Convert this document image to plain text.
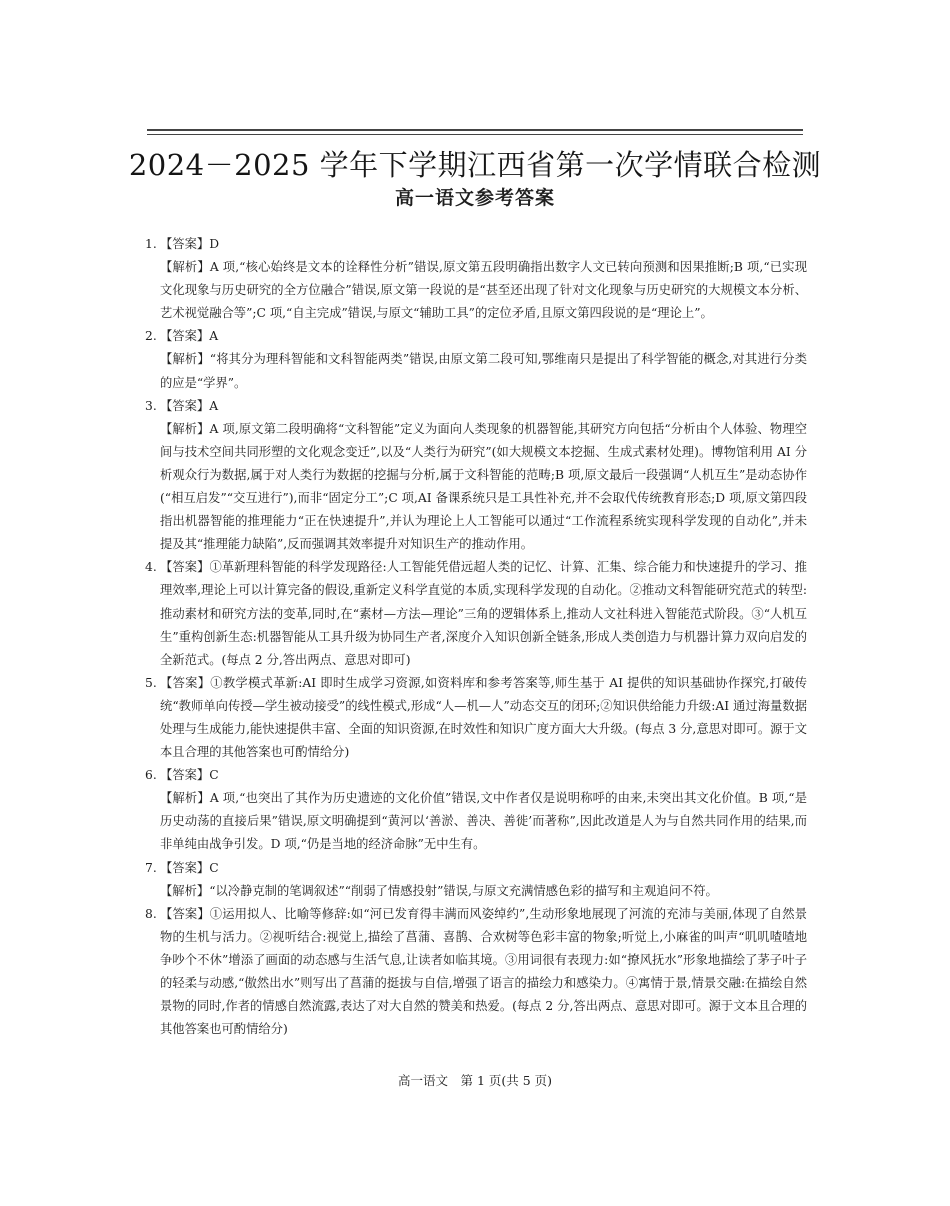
2024－2025 学年下学期江西省第一次学情联合检测
高一语文参考答案
1. 【答案】D
【解析】A 项,“核心始终是文本的诠释性分析”错误,原文第五段明确指出数字人文已转向预测和因果推断;B 项,“已实现文化现象与历史研究的全方位融合”错误,原文第一段说的是“甚至还出现了针对文化现象与历史研究的大规模文本分析、艺术视觉融合等”;C 项,“自主完成”错误,与原文“辅助工具”的定位矛盾,且原文第四段说的是“理论上”。
2. 【答案】A
【解析】“将其分为理科智能和文科智能两类”错误,由原文第二段可知,鄂维南只是提出了科学智能的概念,对其进行分类的应是“学界”。
3. 【答案】A
【解析】A 项,原文第二段明确将“文科智能”定义为面向人类现象的机器智能,其研究方向包括“分析由个人体验、物理空间与技术空间共同形塑的文化观念变迁”,以及“人类行为研究”(如大规模文本挖掘、生成式素材处理)。博物馆利用 AI 分析观众行为数据,属于对人类行为数据的挖掘与分析,属于文科智能的范畴;B 项,原文最后一段强调“人机互生”是动态协作(“相互启发”“交互进行”),而非“固定分工”;C 项,AI 备课系统只是工具性补充,并不会取代传统教育形态;D 项,原文第四段指出机器智能的推理能力“正在快速提升”,并认为理论上人工智能可以通过“工作流程系统实现科学发现的自动化”,并未提及其“推理能力缺陷”,反而强调其效率提升对知识生产的推动作用。
4. 【答案】①革新理科智能的科学发现路径:人工智能凭借远超人类的记忆、计算、汇集、综合能力和快速提升的学习、推理效率,理论上可以计算完备的假设,重新定义科学直觉的本质,实现科学发现的自动化。②推动文科智能研究范式的转型:推动素材和研究方法的变革,同时,在“素材—方法—理论”三角的逻辑体系上,推动人文社科进入智能范式阶段。③“人机互生”重构创新生态:机器智能从工具升级为协同生产者,深度介入知识创新全链条,形成人类创造力与机器计算力双向启发的全新范式。(每点 2 分,答出两点、意思对即可)
5. 【答案】①教学模式革新:AI 即时生成学习资源,如资料库和参考答案等,师生基于 AI 提供的知识基础协作探究,打破传统“教师单向传授—学生被动接受”的线性模式,形成“人—机—人”动态交互的闭环;②知识供给能力升级:AI 通过海量数据处理与生成能力,能快速提供丰富、全面的知识资源,在时效性和知识广度方面大大升级。(每点 3 分,意思对即可。源于文本且合理的其他答案也可酌情给分)
6. 【答案】C
【解析】A 项,“也突出了其作为历史遗迹的文化价值”错误,文中作者仅是说明称呼的由来,未突出其文化价值。B 项,“是历史动荡的直接后果”错误,原文明确提到“黄河以‘善淤、善决、善徙’而著称”,因此改道是人为与自然共同作用的结果,而非单纯由战争引发。D 项,“仍是当地的经济命脉”无中生有。
7. 【答案】C
【解析】“以冷静克制的笔调叙述”“削弱了情感投射”错误,与原文充满情感色彩的描写和主观追问不符。
8. 【答案】①运用拟人、比喻等修辞:如“河已发育得丰满而风姿绰约”,生动形象地展现了河流的充沛与美丽,体现了自然景物的生机与活力。②视听结合:视觉上,描绘了菖蒲、喜鹊、合欢树等色彩丰富的物象;听觉上,小麻雀的叫声“叽叽喳喳地争吵个不休”增添了画面的动态感与生活气息,让读者如临其境。③用词很有表现力:如“撩风抚水”形象地描绘了茅子叶子的轻柔与动感,“傲然出水”则写出了菖蒲的挺拔与自信,增强了语言的描绘力和感染力。④寓情于景,情景交融:在描绘自然景物的同时,作者的情感自然流露,表达了对大自然的赞美和热爱。(每点 2 分,答出两点、意思对即可。源于文本且合理的其他答案也可酌情给分)
高一语文　第 1 页(共 5 页)
